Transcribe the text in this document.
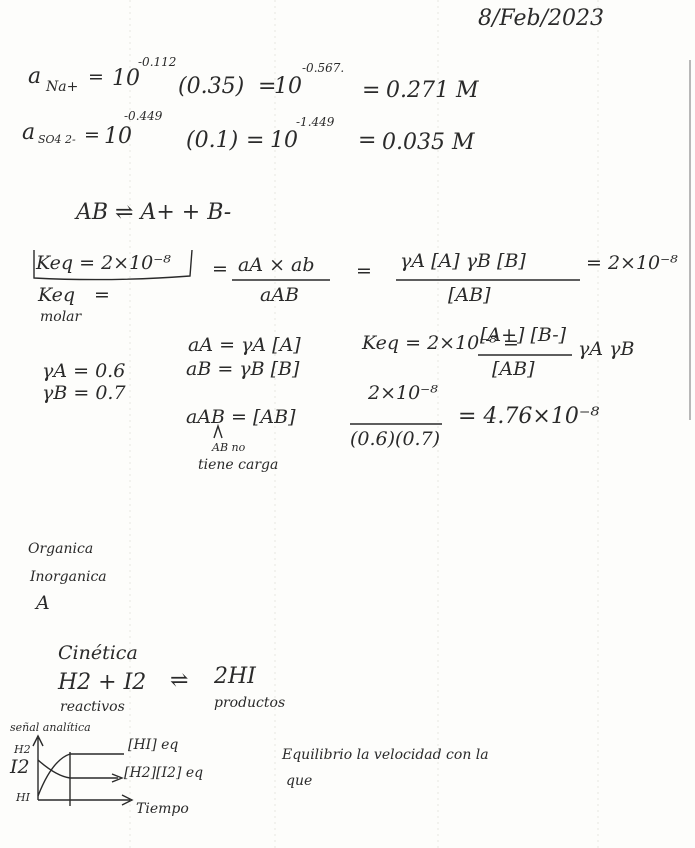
8/Feb/2023
a Na+ = 10
-0.112
(0.35) =
10
-0.567.
= 0.271 M
a SO4 2- = 10
-0.449
(0.1) = 10
-1.449
= 0.035 M
AB ⇌ A+ + B-
Keq = 2×10⁻⁸ = aA × ab
aAB
= γA [A] γB [B]
[AB]
= 2×10⁻⁸
Keq =
molar
γA = 0.6
γB = 0.7
aA = γA [A]
aB = γB [B]
aAB = [AB]
AB no
tiene carga
Keq = 2×10⁻⁸ =
[A+] [B-]
[AB]
γA γB
2×10⁻⁸
(0.6)(0.7)
= 4.76×10⁻⁸
Organica
Inorganica
A
Cinética
H2 + I2 ⇌ 2HI
reactivos	productos
señal analítica
H2
I2
HI
[HI] eq
[H2][I2] eq
Tiempo
Equilibrio la velocidad con la
que
